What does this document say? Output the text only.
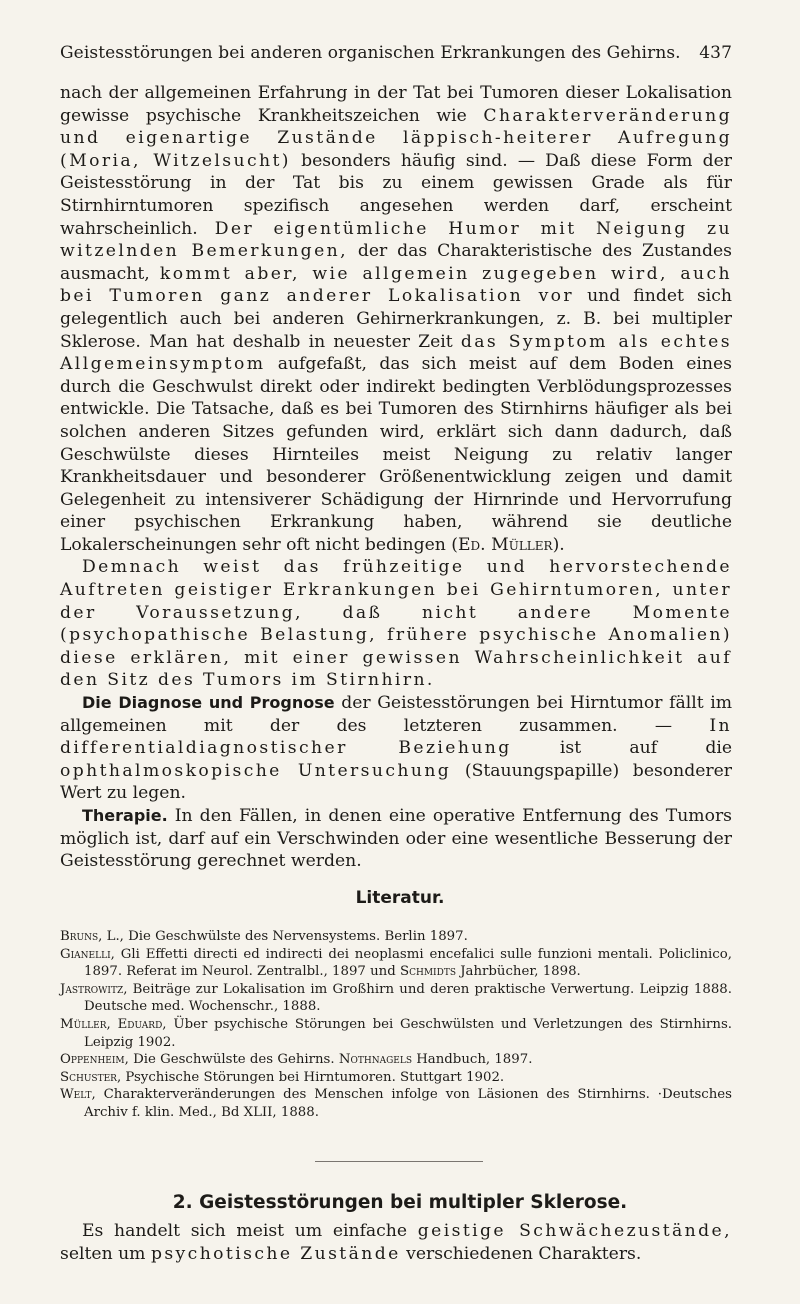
Geistesstörungen bei anderen organischen Erkrankungen des Gehirns. 437

nach der allgemeinen Erfahrung in der Tat bei Tumoren dieser Lokalisation gewisse psychische Krankheitszeichen wie Charakterveränderung und eigenartige Zustände läppisch-heiterer Aufregung (Moria, Witzelsucht) besonders häufig sind. — Daß diese Form der Geistesstörung in der Tat bis zu einem gewissen Grade als für Stirnhirntumoren spezifisch angesehen werden darf, erscheint wahrscheinlich. Der eigentümliche Humor mit Neigung zu witzelnden Bemerkungen, der das Charakteristische des Zustandes ausmacht, kommt aber, wie allgemein zugegeben wird, auch bei Tumoren ganz anderer Lokalisation vor und findet sich gelegentlich auch bei anderen Gehirnerkrankungen, z. B. bei multipler Sklerose. Man hat deshalb in neuester Zeit das Symptom als echtes Allgemeinsymptom aufgefaßt, das sich meist auf dem Boden eines durch die Geschwulst direkt oder indirekt bedingten Verblödungsprozesses entwickle. Die Tatsache, daß es bei Tumoren des Stirnhirns häufiger als bei solchen anderen Sitzes gefunden wird, erklärt sich dann dadurch, daß Geschwülste dieses Hirnteiles meist Neigung zu relativ langer Krankheitsdauer und besonderer Größenentwicklung zeigen und damit Gelegenheit zu intensiverer Schädigung der Hirnrinde und Hervorrufung einer psychischen Erkrankung haben, während sie deutliche Lokalerscheinungen sehr oft nicht bedingen (Ed. Müller).

Demnach weist das frühzeitige und hervorstechende Auftreten geistiger Erkrankungen bei Gehirntumoren, unter der Voraussetzung, daß nicht andere Momente (psychopathische Belastung, frühere psychische Anomalien) diese erklären, mit einer gewissen Wahrscheinlichkeit auf den Sitz des Tumors im Stirnhirn.

Die Diagnose und Prognose der Geistesstörungen bei Hirntumor fällt im allgemeinen mit der des letzteren zusammen. — In differentialdiagnostischer Beziehung ist auf die ophthalmoskopische Untersuchung (Stauungspapille) besonderer Wert zu legen.

Therapie. In den Fällen, in denen eine operative Entfernung des Tumors möglich ist, darf auf ein Verschwinden oder eine wesentliche Besserung der Geistesstörung gerechnet werden.

Literatur.

Bruns, L., Die Geschwülste des Nervensystems. Berlin 1897.

Gianelli, Gli Effetti directi ed indirecti dei neoplasmi encefalici sulle funzioni mentali. Policlinico, 1897. Referat im Neurol. Zentralbl., 1897 und Schmidts Jahrbücher, 1898.

Jastrowitz, Beiträge zur Lokalisation im Großhirn und deren praktische Verwertung. Leipzig 1888. Deutsche med. Wochenschr., 1888.

Müller, Eduard, Über psychische Störungen bei Geschwülsten und Verletzungen des Stirnhirns. Leipzig 1902.

Oppenheim, Die Geschwülste des Gehirns. Nothnagels Handbuch, 1897.

Schuster, Psychische Störungen bei Hirntumoren. Stuttgart 1902.

Welt, Charakterveränderungen des Menschen infolge von Läsionen des Stirnhirns. ·Deutsches Archiv f. klin. Med., Bd XLII, 1888.

2. Geistesstörungen bei multipler Sklerose.

Es handelt sich meist um einfache geistige Schwächezustände, selten um psychotische Zustände verschiedenen Charakters.
